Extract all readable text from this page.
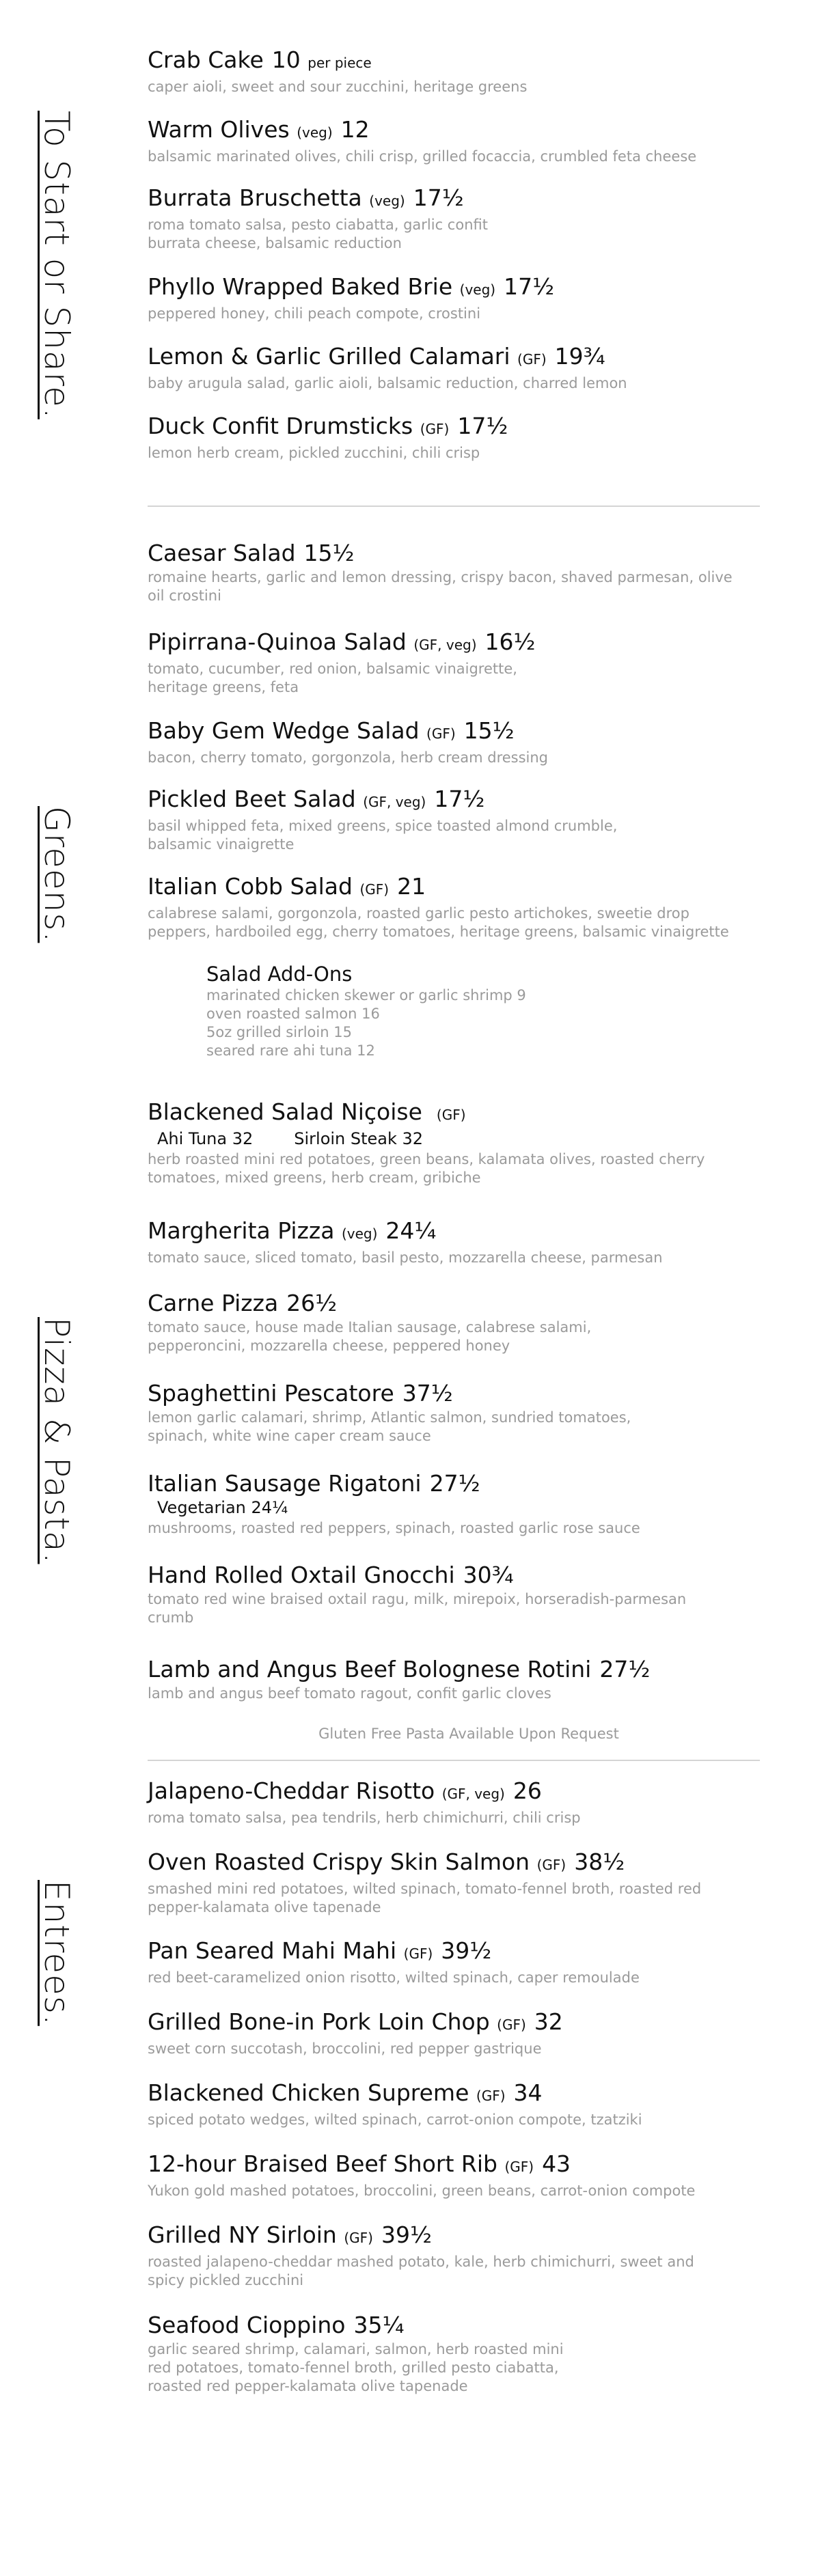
To Start or Share.
Greens.
Pizza & Pasta.
Entrees.
Crab Cake 10 per piece
caper aioli, sweet and sour zucchini, heritage greens
Warm Olives (veg) 12
balsamic marinated olives, chili crisp, grilled focaccia, crumbled feta cheese
Burrata Bruschetta (veg) 17½
roma tomato salsa, pesto ciabatta, garlic confit
burrata cheese, balsamic reduction
Phyllo Wrapped Baked Brie (veg) 17½
peppered honey, chili peach compote, crostini
Lemon & Garlic Grilled Calamari (GF) 19¾
baby arugula salad, garlic aioli, balsamic reduction, charred lemon
Duck Confit Drumsticks (GF) 17½
lemon herb cream, pickled zucchini, chili crisp
Caesar Salad 15½
romaine hearts, garlic and lemon dressing, crispy bacon, shaved parmesan, olive
oil crostini
Pipirrana-Quinoa Salad (GF, veg) 16½
tomato, cucumber, red onion, balsamic vinaigrette,
heritage greens, feta
Baby Gem Wedge Salad (GF) 15½
bacon, cherry tomato, gorgonzola, herb cream dressing
Pickled Beet Salad (GF, veg) 17½
basil whipped feta, mixed greens, spice toasted almond crumble,
balsamic vinaigrette
Italian Cobb Salad (GF) 21
calabrese salami, gorgonzola, roasted garlic pesto artichokes, sweetie drop
peppers, hardboiled egg, cherry tomatoes, heritage greens, balsamic vinaigrette
Salad Add-Ons
marinated chicken skewer or garlic shrimp 9
oven roasted salmon 16
5oz grilled sirloin 15
seared rare ahi tuna 12
Blackened Salad Niçoise (GF)
Ahi Tuna 32	Sirloin Steak 32
herb roasted mini red potatoes, green beans, kalamata olives, roasted cherry
tomatoes, mixed greens, herb cream, gribiche
Margherita Pizza (veg) 24¼
tomato sauce, sliced tomato, basil pesto, mozzarella cheese, parmesan
Carne Pizza 26½
tomato sauce, house made Italian sausage, calabrese salami,
pepperoncini, mozzarella cheese, peppered honey
Spaghettini Pescatore 37½
lemon garlic calamari, shrimp, Atlantic salmon, sundried tomatoes,
spinach, white wine caper cream sauce
Italian Sausage Rigatoni 27½
Vegetarian 24¼
mushrooms, roasted red peppers, spinach, roasted garlic rose sauce
Hand Rolled Oxtail Gnocchi 30¾
tomato red wine braised oxtail ragu, milk, mirepoix, horseradish-parmesan
crumb
Lamb and Angus Beef Bolognese Rotini 27½
lamb and angus beef tomato ragout, confit garlic cloves
Gluten Free Pasta Available Upon Request
Jalapeno-Cheddar Risotto (GF, veg) 26
roma tomato salsa, pea tendrils, herb chimichurri, chili crisp
Oven Roasted Crispy Skin Salmon (GF) 38½
smashed mini red potatoes, wilted spinach, tomato-fennel broth, roasted red
pepper-kalamata olive tapenade
Pan Seared Mahi Mahi (GF) 39½
red beet-caramelized onion risotto, wilted spinach, caper remoulade
Grilled Bone-in Pork Loin Chop (GF) 32
sweet corn succotash, broccolini, red pepper gastrique
Blackened Chicken Supreme (GF) 34
spiced potato wedges, wilted spinach, carrot-onion compote, tzatziki
12-hour Braised Beef Short Rib (GF) 43
Yukon gold mashed potatoes, broccolini, green beans, carrot-onion compote
Grilled NY Sirloin (GF) 39½
roasted jalapeno-cheddar mashed potato, kale, herb chimichurri, sweet and
spicy pickled zucchini
Seafood Cioppino 35¼
garlic seared shrimp, calamari, salmon, herb roasted mini
red potatoes, tomato-fennel broth, grilled pesto ciabatta,
roasted red pepper-kalamata olive tapenade
